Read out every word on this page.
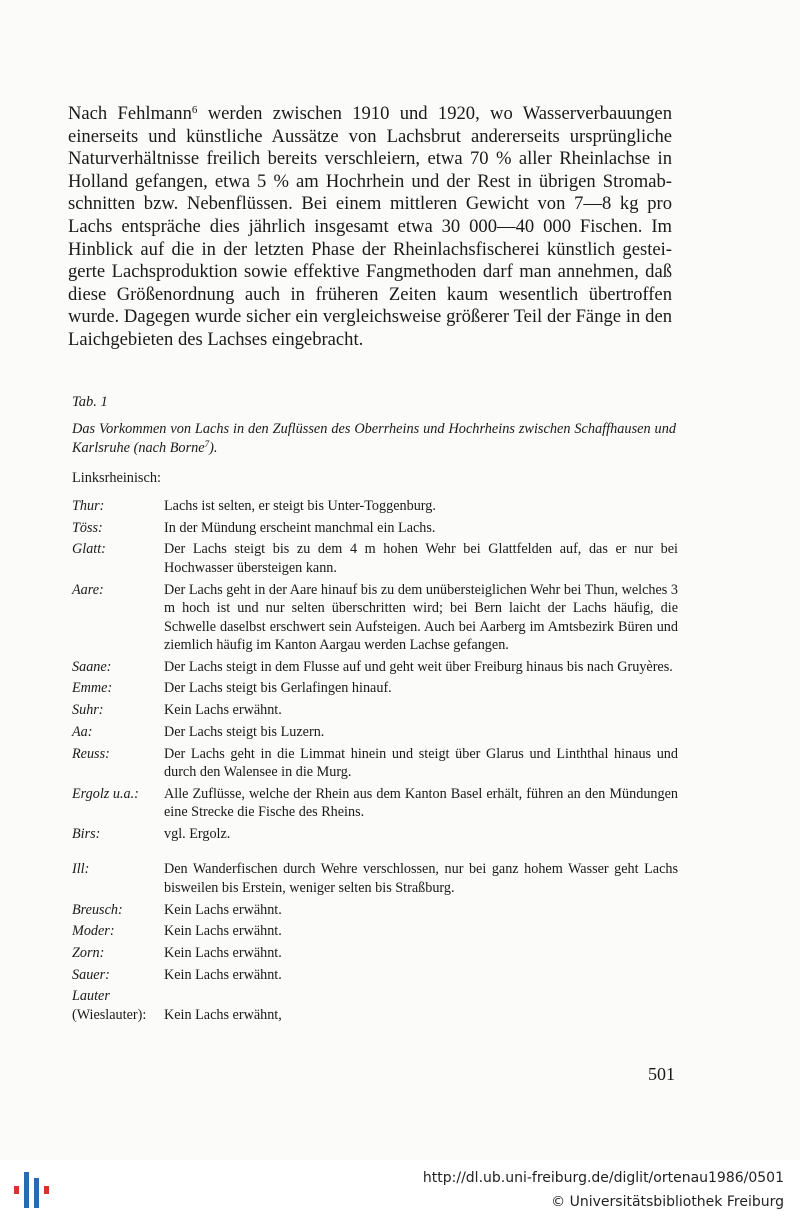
Nach Fehlmann$^6$ werden zwischen 1910 und 1920, wo Wasserverbauungen einerseits und künstliche Aussätze von Lachsbrut andererseits ursprüngliche Naturverhältnisse freilich bereits verschleiern, etwa 70 % aller Rheinlachse in Holland gefangen, etwa 5 % am Hochrhein und der Rest in übrigen Stromabschnitten bzw. Nebenflüssen. Bei einem mittleren Gewicht von 7—8 kg pro Lachs entspräche dies jährlich insgesamt etwa 30 000—40 000 Fischen. Im Hinblick auf die in der letzten Phase der Rheinlachsfischerei künstlich gesteigerte Lachsproduktion sowie effektive Fangmethoden darf man annehmen, daß diese Größenordnung auch in früheren Zeiten kaum wesentlich übertroffen wurde. Dagegen wurde sicher ein vergleichsweise größerer Teil der Fänge in den Laichgebieten des Lachses eingebracht.

Tab. 1

Das Vorkommen von Lachs in den Zuflüssen des Oberrheins und Hochrheins zwischen Schaffhausen und Karlsruhe (nach Borne$^7$).

Linksrheinisch:

Thur:	Lachs ist selten, er steigt bis Unter-Toggenburg.
Töss:	In der Mündung erscheint manchmal ein Lachs.
Glatt:	Der Lachs steigt bis zu dem 4 m hohen Wehr bei Glattfelden auf, das er nur bei Hochwasser übersteigen kann.
Aare:	Der Lachs geht in der Aare hinauf bis zu dem unübersteiglichen Wehr bei Thun, welches 3 m hoch ist und nur selten überschritten wird; bei Bern laicht der Lachs häufig, die Schwelle daselbst erschwert sein Aufsteigen. Auch bei Aarberg im Amtsbezirk Büren und ziemlich häufig im Kanton Aargau werden Lachse gefangen.
Saane:	Der Lachs steigt in dem Flusse auf und geht weit über Freiburg hinaus bis nach Gruyères.
Emme:	Der Lachs steigt bis Gerlafingen hinauf.
Suhr:	Kein Lachs erwähnt.
Aa:	Der Lachs steigt bis Luzern.
Reuss:	Der Lachs geht in die Limmat hinein und steigt über Glarus und Linththal hinaus und durch den Walensee in die Murg.
Ergolz u.a.:	Alle Zuflüsse, welche der Rhein aus dem Kanton Basel erhält, führen an den Mündungen eine Strecke die Fische des Rheins.
Birs:	vgl. Ergolz.
Ill:	Den Wanderfischen durch Wehre verschlossen, nur bei ganz hohem Wasser geht Lachs bisweilen bis Erstein, weniger selten bis Straßburg.
Breusch:	Kein Lachs erwähnt.
Moder:	Kein Lachs erwähnt.
Zorn:	Kein Lachs erwähnt.
Sauer:	Kein Lachs erwähnt.
Lauter
(Wieslauter):
	Kein Lachs erwähnt,

501

http://dl.ub.uni-freiburg.de/diglit/ortenau1986/0501

© Universitätsbibliothek Freiburg
